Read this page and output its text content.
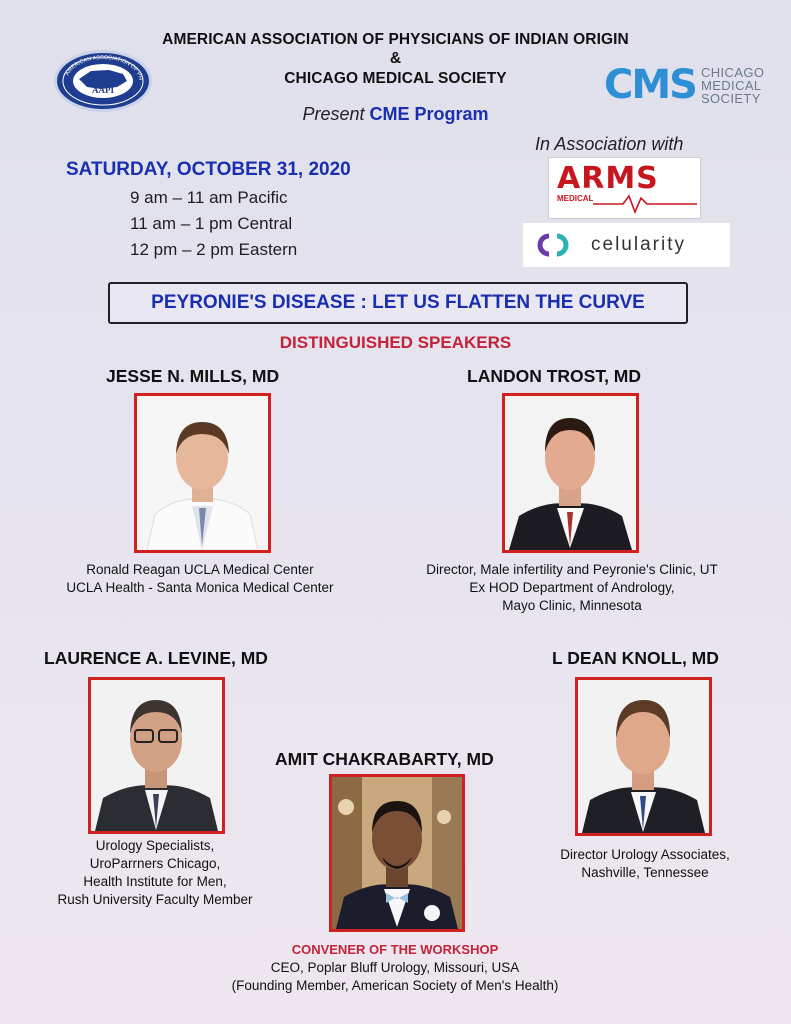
AMERICAN ASSOCIATION OF PHYSICIANS OF INDIAN ORIGIN
&
CHICAGO MEDICAL SOCIETY
Present CME Program
AMERICAN ASSOCIATION OF PH
AAPI	CMS CHICAGO
MEDICAL
SOCIETY
SATURDAY, OCTOBER 31, 2020
9 am – 11 am Pacific
11 am – 1 pm Central
12 pm – 2 pm Eastern
In Association with
ARMS
MEDICAL
celularity
PEYRONIE'S DISEASE : LET US FLATTEN THE CURVE
DISTINGUISHED SPEAKERS
JESSE N. MILLS, MD
Ronald Reagan UCLA Medical Center
UCLA Health - Santa Monica Medical Center
LANDON TROST, MD
Director, Male infertility and Peyronie's Clinic, UT
Ex HOD Department of Andrology,
Mayo Clinic, Minnesota
LAURENCE A. LEVINE, MD
Urology Specialists,
UroParrners Chicago,
Health Institute for Men,
Rush University Faculty Member
L DEAN KNOLL, MD
Director Urology Associates,
Nashville, Tennessee
AMIT CHAKRABARTY, MD
CONVENER OF THE WORKSHOP
CEO, Poplar Bluff Urology, Missouri, USA
(Founding Member, American Society of Men's Health)
